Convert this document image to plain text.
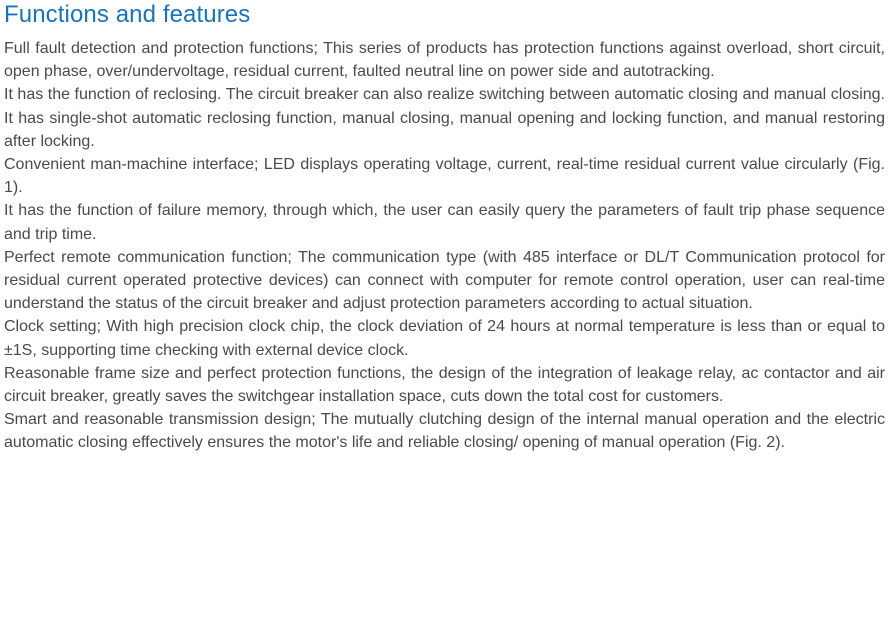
Functions and features

Full fault detection and protection functions; This series of products has protection functions against overload, short circuit, open phase, over/undervoltage, residual current, faulted neutral line on power side and autotracking.

It has the function of reclosing. The circuit breaker can also realize switching between automatic closing and manual closing. It has single-shot automatic reclosing function, manual closing, manual opening and locking function, and manual restoring after locking.

Convenient man-machine interface; LED displays operating voltage, current, real-time residual current value circularly (Fig. 1).

It has the function of failure memory, through which, the user can easily query the parameters of fault trip phase sequence and trip time.

Perfect remote communication function; The communication type (with 485 interface or DL/T Communication protocol for residual current operated protective devices) can connect with computer for remote control operation, user can real-time understand the status of the circuit breaker and adjust protection parameters according to actual situation.

Clock setting; With high precision clock chip, the clock deviation of 24 hours at normal temperature is less than or equal to ±1S, supporting time checking with external device clock.

Reasonable frame size and perfect protection functions, the design of the integration of leakage relay, ac contactor and air circuit breaker, greatly saves the switchgear installation space, cuts down the total cost for customers.

Smart and reasonable transmission design; The mutually clutching design of the internal manual operation and the electric automatic closing effectively ensures the motor's life and reliable closing/ opening of manual operation (Fig. 2).
